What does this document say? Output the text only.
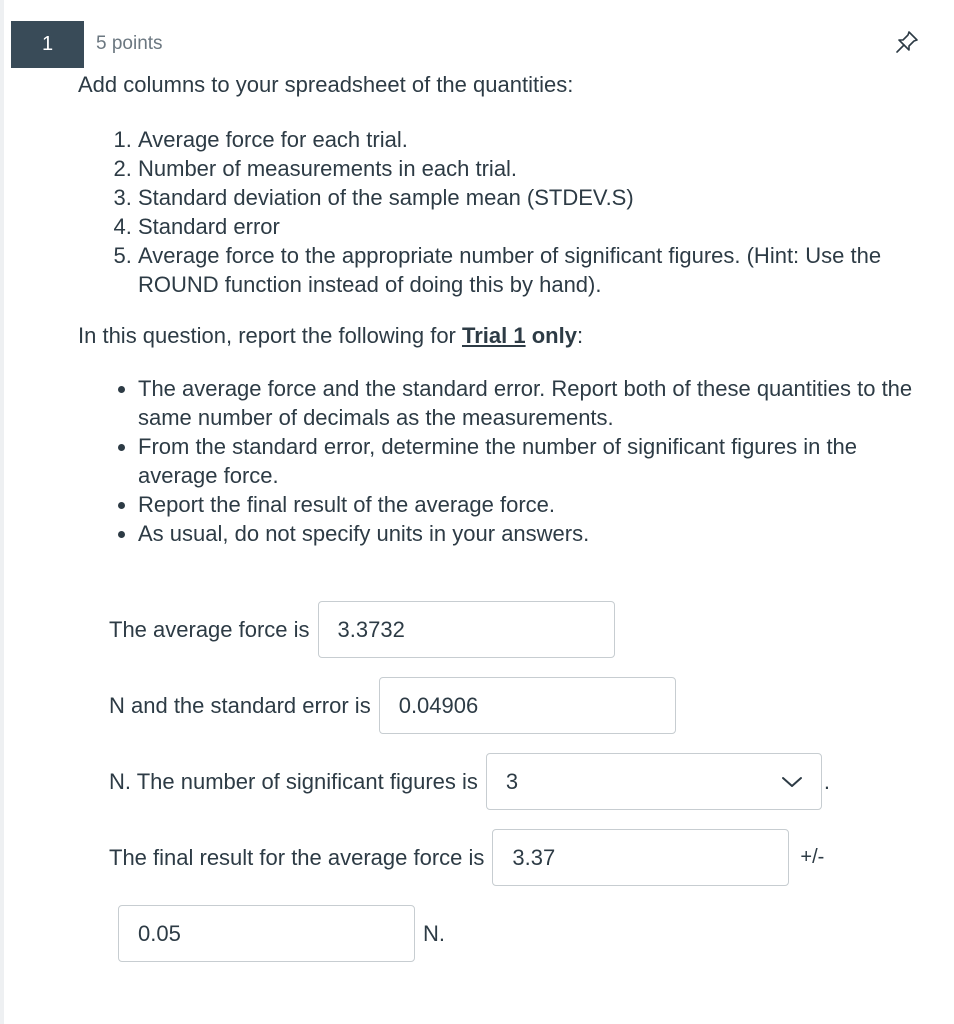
1 5 points

Add columns to your spreadsheet of the quantities:

1. Average force for each trial.
2. Number of measurements in each trial.
3. Standard deviation of the sample mean (STDEV.S)
4. Standard error
5. Average force to the appropriate number of significant figures. (Hint: Use the ROUND function instead of doing this by hand).

In this question, report the following for Trial 1 only:

• The average force and the standard error. Report both of these quantities to the same number of decimals as the measurements.
• From the standard error, determine the number of significant figures in the average force.
• Report the final result of the average force.
• As usual, do not specify units in your answers.
The average force is 3.3732
N and the standard error is 0.04906
N. The number of significant figures is 3	.
The final result for the average force is 3.37	+/-
0.05	N.
